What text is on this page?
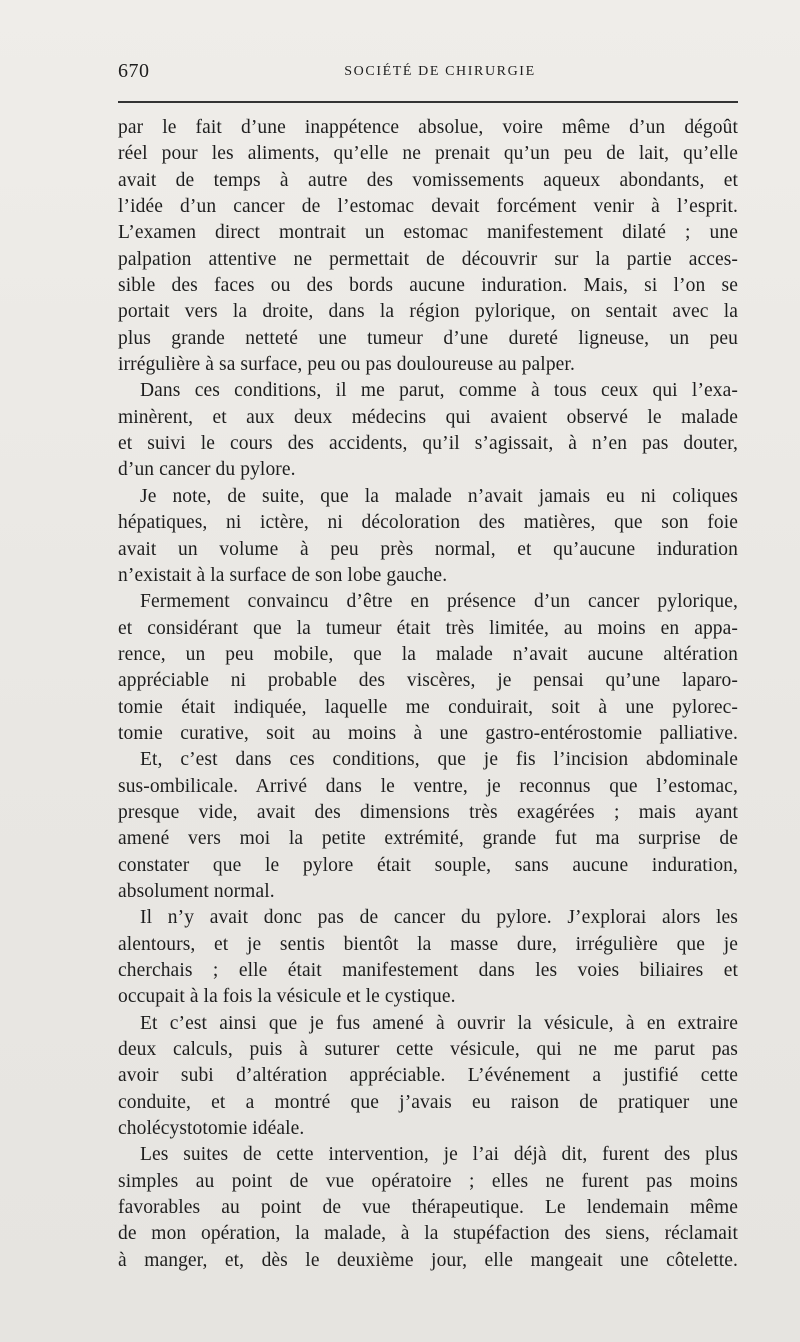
670	SOCIÉTÉ DE CHIRURGIE
par le fait d’une inappétence absolue, voire même d’un dégoût
réel pour les aliments, qu’elle ne prenait qu’un peu de lait, qu’elle
avait de temps à autre des vomissements aqueux abondants, et
l’idée d’un cancer de l’estomac devait forcément venir à l’esprit.
L’examen direct montrait un estomac manifestement dilaté ; une
palpation attentive ne permettait de découvrir sur la partie acces-
sible des faces ou des bords aucune induration. Mais, si l’on se
portait vers la droite, dans la région pylorique, on sentait avec la
plus grande netteté une tumeur d’une dureté ligneuse, un peu
irrégulière à sa surface, peu ou pas douloureuse au palper.
Dans ces conditions, il me parut, comme à tous ceux qui l’exa-
minèrent, et aux deux médecins qui avaient observé le malade
et suivi le cours des accidents, qu’il s’agissait, à n’en pas douter,
d’un cancer du pylore.
Je note, de suite, que la malade n’avait jamais eu ni coliques
hépatiques, ni ictère, ni décoloration des matières, que son foie
avait un volume à peu près normal, et qu’aucune induration
n’existait à la surface de son lobe gauche.
Fermement convaincu d’être en présence d’un cancer pylorique,
et considérant que la tumeur était très limitée, au moins en appa-
rence, un peu mobile, que la malade n’avait aucune altération
appréciable ni probable des viscères, je pensai qu’une laparo-
tomie était indiquée, laquelle me conduirait, soit à une pylorec-
tomie curative, soit au moins à une gastro-entérostomie palliative.
Et, c’est dans ces conditions, que je fis l’incision abdominale
sus-ombilicale. Arrivé dans le ventre, je reconnus que l’estomac,
presque vide, avait des dimensions très exagérées ; mais ayant
amené vers moi la petite extrémité, grande fut ma surprise de
constater que le pylore était souple, sans aucune induration,
absolument normal.
Il n’y avait donc pas de cancer du pylore. J’explorai alors les
alentours, et je sentis bientôt la masse dure, irrégulière que je
cherchais ; elle était manifestement dans les voies biliaires et
occupait à la fois la vésicule et le cystique.
Et c’est ainsi que je fus amené à ouvrir la vésicule, à en extraire
deux calculs, puis à suturer cette vésicule, qui ne me parut pas
avoir subi d’altération appréciable. L’événement a justifié cette
conduite, et a montré que j’avais eu raison de pratiquer une
cholécystotomie idéale.
Les suites de cette intervention, je l’ai déjà dit, furent des plus
simples au point de vue opératoire ; elles ne furent pas moins
favorables au point de vue thérapeutique. Le lendemain même
de mon opération, la malade, à la stupéfaction des siens, réclamait
à manger, et, dès le deuxième jour, elle mangeait une côtelette.
